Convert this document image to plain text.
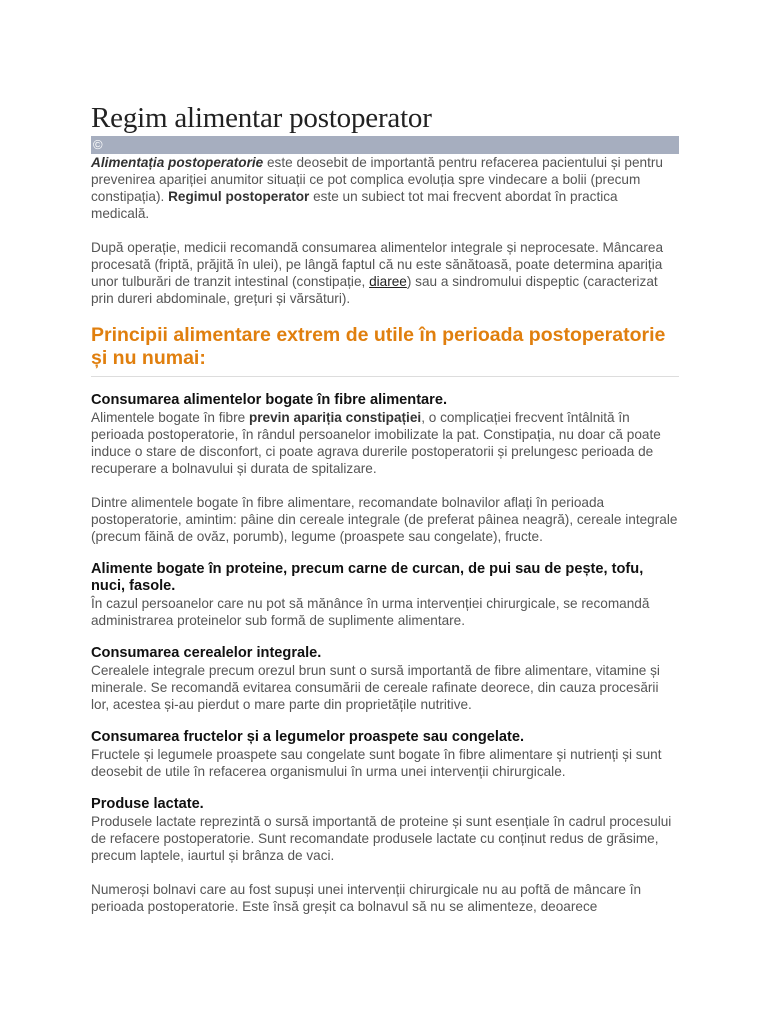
Regim alimentar postoperator
©

Alimentația postoperatorie este deosebit de importantă pentru refacerea pacientului și pentru prevenirea apariției anumitor situații ce pot complica evoluția spre vindecare a bolii (precum constipația). Regimul postoperator este un subiect tot mai frecvent abordat în practica medicală.

După operație, medicii recomandă consumarea alimentelor integrale și neprocesate. Mâncarea procesată (friptă, prăjită în ulei), pe lângă faptul că nu este sănătoasă, poate determina apariția unor tulburări de tranzit intestinal (constipație, diaree) sau a sindromului dispeptic (caracterizat prin dureri abdominale, grețuri și vărsături).

Principii alimentare extrem de utile în perioada postoperatorie și nu numai:
Consumarea alimentelor bogate în fibre alimentare.

Alimentele bogate în fibre previn apariția constipației, o complicației frecvent întâlnită în perioada postoperatorie, în rândul persoanelor imobilizate la pat. Constipația, nu doar că poate induce o stare de disconfort, ci poate agrava durerile postoperatorii și prelungesc perioada de recuperare a bolnavului și durata de spitalizare.

Dintre alimentele bogate în fibre alimentare, recomandate bolnavilor aflați în perioada postoperatorie, amintim: pâine din cereale integrale (de preferat pâinea neagră), cereale integrale (precum făină de ovăz, porumb), legume (proaspete sau congelate), fructe.

Alimente bogate în proteine, precum carne de curcan, de pui sau de pește, tofu, nuci, fasole.

În cazul persoanelor care nu pot să mănânce în urma intervenției chirurgicale, se recomandă administrarea proteinelor sub formă de suplimente alimentare.

Consumarea cerealelor integrale.

Cerealele integrale precum orezul brun sunt o sursă importantă de fibre alimentare, vitamine și minerale. Se recomandă evitarea consumării de cereale rafinate deorece, din cauza procesării lor, acestea și-au pierdut o mare parte din proprietățile nutritive.

Consumarea fructelor și a legumelor proaspete sau congelate.

Fructele și legumele proaspete sau congelate sunt bogate în fibre alimentare și nutrienți și sunt deosebit de utile în refacerea organismului în urma unei intervenții chirurgicale.

Produse lactate.

Produsele lactate reprezintă o sursă importantă de proteine și sunt esențiale în cadrul procesului de refacere postoperatorie. Sunt recomandate produsele lactate cu conținut redus de grăsime, precum laptele, iaurtul și brânza de vaci.

Numeroși bolnavi care au fost supuși unei intervenții chirurgicale nu au poftă de mâncare în perioada postoperatorie. Este însă greșit ca bolnavul să nu se alimenteze, deoarece
